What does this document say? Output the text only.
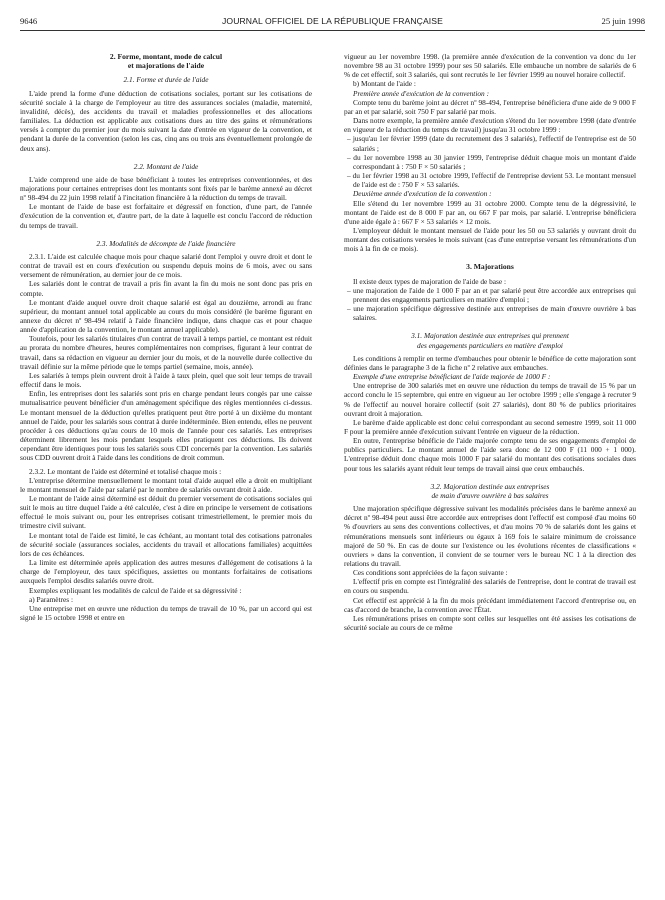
9646	JOURNAL OFFICIEL DE LA RÉPUBLIQUE FRANÇAISE	25 juin 1998
2. Forme, montant, mode de calcul
et majorations de l'aide
2.1. Forme et durée de l'aide

L'aide prend la forme d'une déduction de cotisations sociales, portant sur les cotisations de sécurité sociale à la charge de l'employeur au titre des assurances sociales (maladie, maternité, invalidité, décès), des accidents du travail et maladies professionnelles et des allocations familiales. La déduction est applicable aux cotisations dues au titre des gains et rémunérations versés à compter du premier jour du mois suivant la date d'entrée en vigueur de la convention, et pendant la durée de la convention (selon les cas, cinq ans ou trois ans éventuellement prolongée de deux ans).

2.2. Montant de l'aide

L'aide comprend une aide de base bénéficiant à toutes les entreprises conventionnées, et des majorations pour certaines entreprises dont les montants sont fixés par le barème annexé au décret nº 98-494 du 22 juin 1998 relatif à l'incitation financière à la réduction du temps de travail.

Le montant de l'aide de base est forfaitaire et dégressif en fonction, d'une part, de l'année d'exécution de la convention et, d'autre part, de la date à laquelle est conclu l'accord de réduction du temps de travail.

2.3. Modalités de décompte de l'aide financière

2.3.1. L'aide est calculée chaque mois pour chaque salarié dont l'emploi y ouvre droit et dont le contrat de travail est en cours d'exécution ou suspendu depuis moins de 6 mois, avec ou sans versement de rémunération, au dernier jour de ce mois.

Les salariés dont le contrat de travail a pris fin avant la fin du mois ne sont donc pas pris en compte.

Le montant d'aide auquel ouvre droit chaque salarié est égal au douzième, arrondi au franc supérieur, du montant annuel total applicable au cours du mois considéré (le barème figurant en annexe du décret nº 98-494 relatif à l'aide financière indique, dans chaque cas et pour chaque année d'application de la convention, le montant annuel applicable).

Toutefois, pour les salariés titulaires d'un contrat de travail à temps partiel, ce montant est réduit au prorata du nombre d'heures, heures complémentaires non comprises, figurant à leur contrat de travail, dans sa rédaction en vigueur au dernier jour du mois, et de la nouvelle durée collective du travail définie sur la même période que le temps partiel (semaine, mois, année).

Les salariés à temps plein ouvrent droit à l'aide à taux plein, quel que soit leur temps de travail effectif dans le mois.

Enfin, les entreprises dont les salariés sont pris en charge pendant leurs congés par une caisse mutualisatrice peuvent bénéficier d'un aménagement spécifique des règles mentionnées ci-dessus. Le montant mensuel de la déduction qu'elles pratiquent peut être porté à un dixième du montant annuel de l'aide, pour les salariés sous contrat à durée indéterminée. Bien entendu, elles ne peuvent procéder à ces déductions qu'au cours de 10 mois de l'année pour ces salariés. Les entreprises déterminent librement les mois pendant lesquels elles pratiquent ces déductions. Ils doivent cependant être identiques pour tous les salariés sous CDI concernés par la convention. Les salariés sous CDD ouvrent droit à l'aide dans les conditions de droit commun.

2.3.2. Le montant de l'aide est déterminé et totalisé chaque mois :

L'entreprise détermine mensuellement le montant total d'aide auquel elle a droit en multipliant le montant mensuel de l'aide par salarié par le nombre de salariés ouvrant droit à aide.

Le montant de l'aide ainsi déterminé est déduit du premier versement de cotisations sociales qui suit le mois au titre duquel l'aide a été calculée, c'est à dire en principe le versement de cotisations effectué le mois suivant ou, pour les entreprises cotisant trimestriellement, le premier mois du trimestre civil suivant.

Le montant total de l'aide est limité, le cas échéant, au montant total des cotisations patronales de sécurité sociale (assurances sociales, accidents du travail et allocations familiales) acquittées lors de ces échéances.

La limite est déterminée après application des autres mesures d'allégement de cotisations à la charge de l'employeur, des taux spécifiques, assiettes ou montants forfaitaires de cotisations auxquels l'emploi desdits salariés ouvre droit.

Exemples expliquant les modalités de calcul de l'aide et sa dégressivité :

a) Paramètres :

Une entreprise met en œuvre une réduction du temps de travail de 10 %, par un accord qui est signé le 15 octobre 1998 et entre en

vigueur au 1er novembre 1998. (la première année d'exécution de la convention va donc du 1er novembre 98 au 31 octobre 1999) pour ses 50 salariés. Elle embauche un nombre de salariés de 6 % de cet effectif, soit 3 salariés, qui sont recrutés le 1er février 1999 au nouvel horaire collectif.

b) Montant de l'aide :

Première année d'exécution de la convention :

Compte tenu du barème joint au décret nº 98-494, l'entreprise bénéficiera d'une aide de 9 000 F par an et par salarié, soit 750 F par salarié par mois.

Dans notre exemple, la première année d'exécution s'étend du 1er novembre 1998 (date d'entrée en vigueur de la réduction du temps de travail) jusqu'au 31 octobre 1999 :

– jusqu'au 1er février 1999 (date du recrutement des 3 salariés), l'effectif de l'entreprise est de 50 salariés ;
– du 1er novembre 1998 au 30 janvier 1999, l'entreprise déduit chaque mois un montant d'aide correspondant à : 750 F × 50 salariés ;
– du 1er février 1998 au 31 octobre 1999, l'effectif de l'entreprise devient 53. Le montant mensuel de l'aide est de : 750 F × 53 salariés.

Deuxième année d'exécution de la convention :

Elle s'étend du 1er novembre 1999 au 31 octobre 2000. Compte tenu de la dégressivité, le montant de l'aide est de 8 000 F par an, ou 667 F par mois, par salarié. L'entreprise bénéficiera d'une aide égale à : 667 F × 53 salariés × 12 mois.

L'employeur déduit le montant mensuel de l'aide pour les 50 ou 53 salariés y ouvrant droit du montant des cotisations versées le mois suivant (cas d'une entreprise versant les rémunérations d'un mois à la fin de ce mois).

3. Majorations

Il existe deux types de majoration de l'aide de base :

– une majoration de l'aide de 1 000 F par an et par salarié peut être accordée aux entreprises qui prennent des engagements particuliers en matière d'emploi ;
– une majoration spécifique dégressive destinée aux entreprises de main d'œuvre ouvrière à bas salaires.
3.1. Majoration destinée aux entreprises qui prennent
des engagements particuliers en matière d'emploi

Les conditions à remplir en terme d'embauches pour obtenir le bénéfice de cette majoration sont définies dans le paragraphe 3 de la fiche nº 2 relative aux embauches.

Exemple d'une entreprise bénéficiant de l'aide majorée de 1000 F :

Une entreprise de 300 salariés met en œuvre une réduction du temps de travail de 15 % par un accord conclu le 15 septembre, qui entre en vigueur au 1er octobre 1999 ; elle s'engage à recruter 9 % de l'effectif au nouvel horaire collectif (soit 27 salariés), dont 80 % de publics prioritaires ouvrant droit à majoration.

Le barème d'aide applicable est donc celui correspondant au second semestre 1999, soit 11 000 F pour la première année d'exécution suivant l'entrée en vigueur de la réduction.

En outre, l'entreprise bénéficie de l'aide majorée compte tenu de ses engagements d'emploi de publics particuliers. Le montant annuel de l'aide sera donc de 12 000 F (11 000 + 1 000). L'entreprise déduit donc chaque mois 1000 F par salarié du montant des cotisations sociales dues pour tous les salariés ayant réduit leur temps de travail ainsi que ceux embauchés.

3.2. Majoration destinée aux entreprises
de main d'œuvre ouvrière à bas salaires

Une majoration spécifique dégressive suivant les modalités précisées dans le barème annexé au décret nº 98-494 peut aussi être accordée aux entreprises dont l'effectif est composé d'au moins 60 % d'ouvriers au sens des conventions collectives, et d'au moins 70 % de salariés dont les gains et rémunérations mensuels sont inférieurs ou égaux à 169 fois le salaire minimum de croissance majoré de 50 %. En cas de doute sur l'existence ou les évolutions récentes de classifications « ouvriers » dans la convention, il convient de se tourner vers le bureau NC 1 à la direction des relations du travail.

Ces conditions sont appréciées de la façon suivante :

L'effectif pris en compte est l'intégralité des salariés de l'entreprise, dont le contrat de travail est en cours ou suspendu.

Cet effectif est apprécié à la fin du mois précédant immédiatement l'accord d'entreprise ou, en cas d'accord de branche, la convention avec l'État.

Les rémunérations prises en compte sont celles sur lesquelles ont été assises les cotisations de sécurité sociale au cours de ce même
